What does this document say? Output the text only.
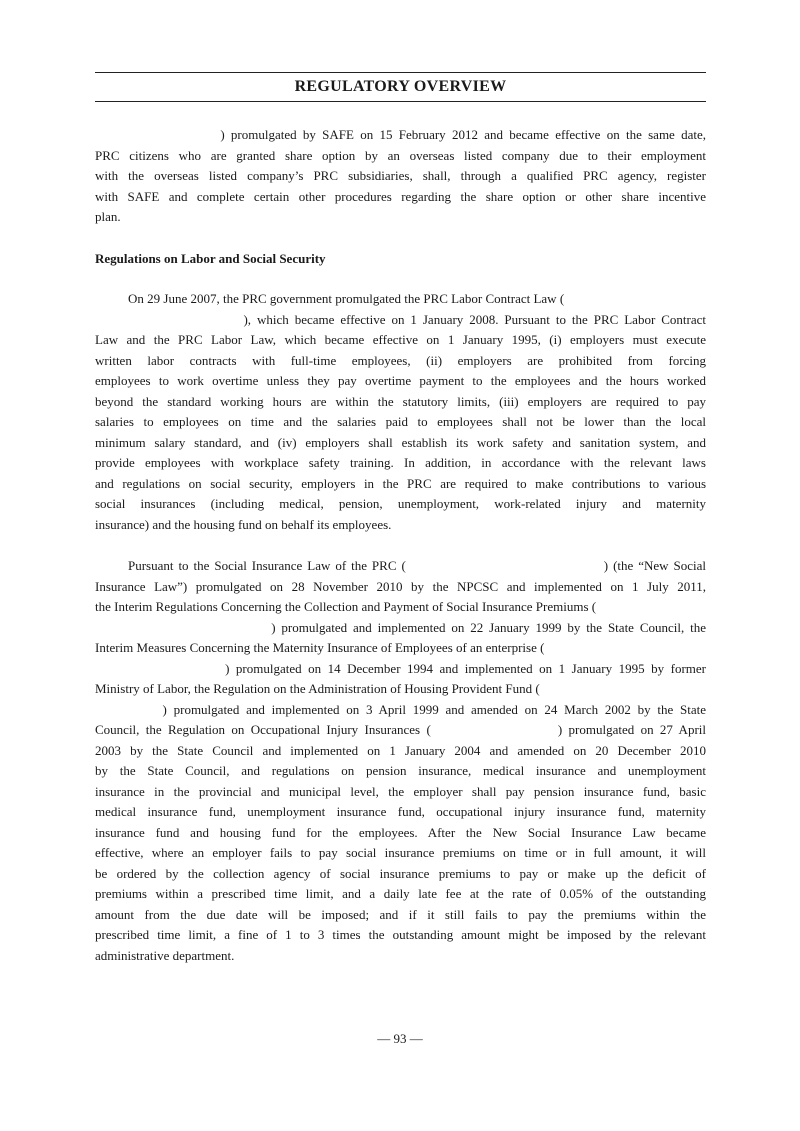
REGULATORY OVERVIEW
) promulgated by SAFE on 15 February 2012 and became effective on the same date,
PRC citizens who are granted share option by an overseas listed company due to their employment
with the overseas listed company’s PRC subsidiaries, shall, through a qualified PRC agency, register
with SAFE and complete certain other procedures regarding the share option or other share incentive
plan.
Regulations on Labor and Social Security
On 29 June 2007, the PRC government promulgated the PRC Labor Contract Law (
), which became effective on 1 January 2008. Pursuant to the PRC Labor Contract
Law and the PRC Labor Law, which became effective on 1 January 1995, (i) employers must execute
written labor contracts with full-time employees, (ii) employers are prohibited from forcing
employees to work overtime unless they pay overtime payment to the employees and the hours worked
beyond the standard working hours are within the statutory limits, (iii) employers are required to pay
salaries to employees on time and the salaries paid to employees shall not be lower than the local
minimum salary standard, and (iv) employers shall establish its work safety and sanitation system, and
provide employees with workplace safety training. In addition, in accordance with the relevant laws
and regulations on social security, employers in the PRC are required to make contributions to various
social insurances (including medical, pension, unemployment, work-related injury and maternity
insurance) and the housing fund on behalf its employees.
Pursuant to the Social Insurance Law of the PRC (                                        ) (the “New Social
Insurance Law”) promulgated on 28 November 2010 by the NPCSC and implemented on 1 July 2011,
the Interim Regulations Concerning the Collection and Payment of Social Insurance Premiums (
) promulgated and implemented on 22 January 1999 by the State Council, the
Interim Measures Concerning the Maternity Insurance of Employees of an enterprise (
) promulgated on 14 December 1994 and implemented on 1 January 1995 by former
Ministry of Labor, the Regulation on the Administration of Housing Provident Fund (
) promulgated and implemented on 3 April 1999 and amended on 24 March 2002 by the State
Council, the Regulation on Occupational Injury Insurances (                    ) promulgated on 27 April
2003 by the State Council and implemented on 1 January 2004 and amended on 20 December 2010
by the State Council, and regulations on pension insurance, medical insurance and unemployment
insurance in the provincial and municipal level, the employer shall pay pension insurance fund, basic
medical insurance fund, unemployment insurance fund, occupational injury insurance fund, maternity
insurance fund and housing fund for the employees. After the New Social Insurance Law became
effective, where an employer fails to pay social insurance premiums on time or in full amount, it will
be ordered by the collection agency of social insurance premiums to pay or make up the deficit of
premiums within a prescribed time limit, and a daily late fee at the rate of 0.05% of the outstanding
amount from the due date will be imposed; and if it still fails to pay the premiums within the
prescribed time limit, a fine of 1 to 3 times the outstanding amount might be imposed by the relevant
administrative department.
— 93 —
